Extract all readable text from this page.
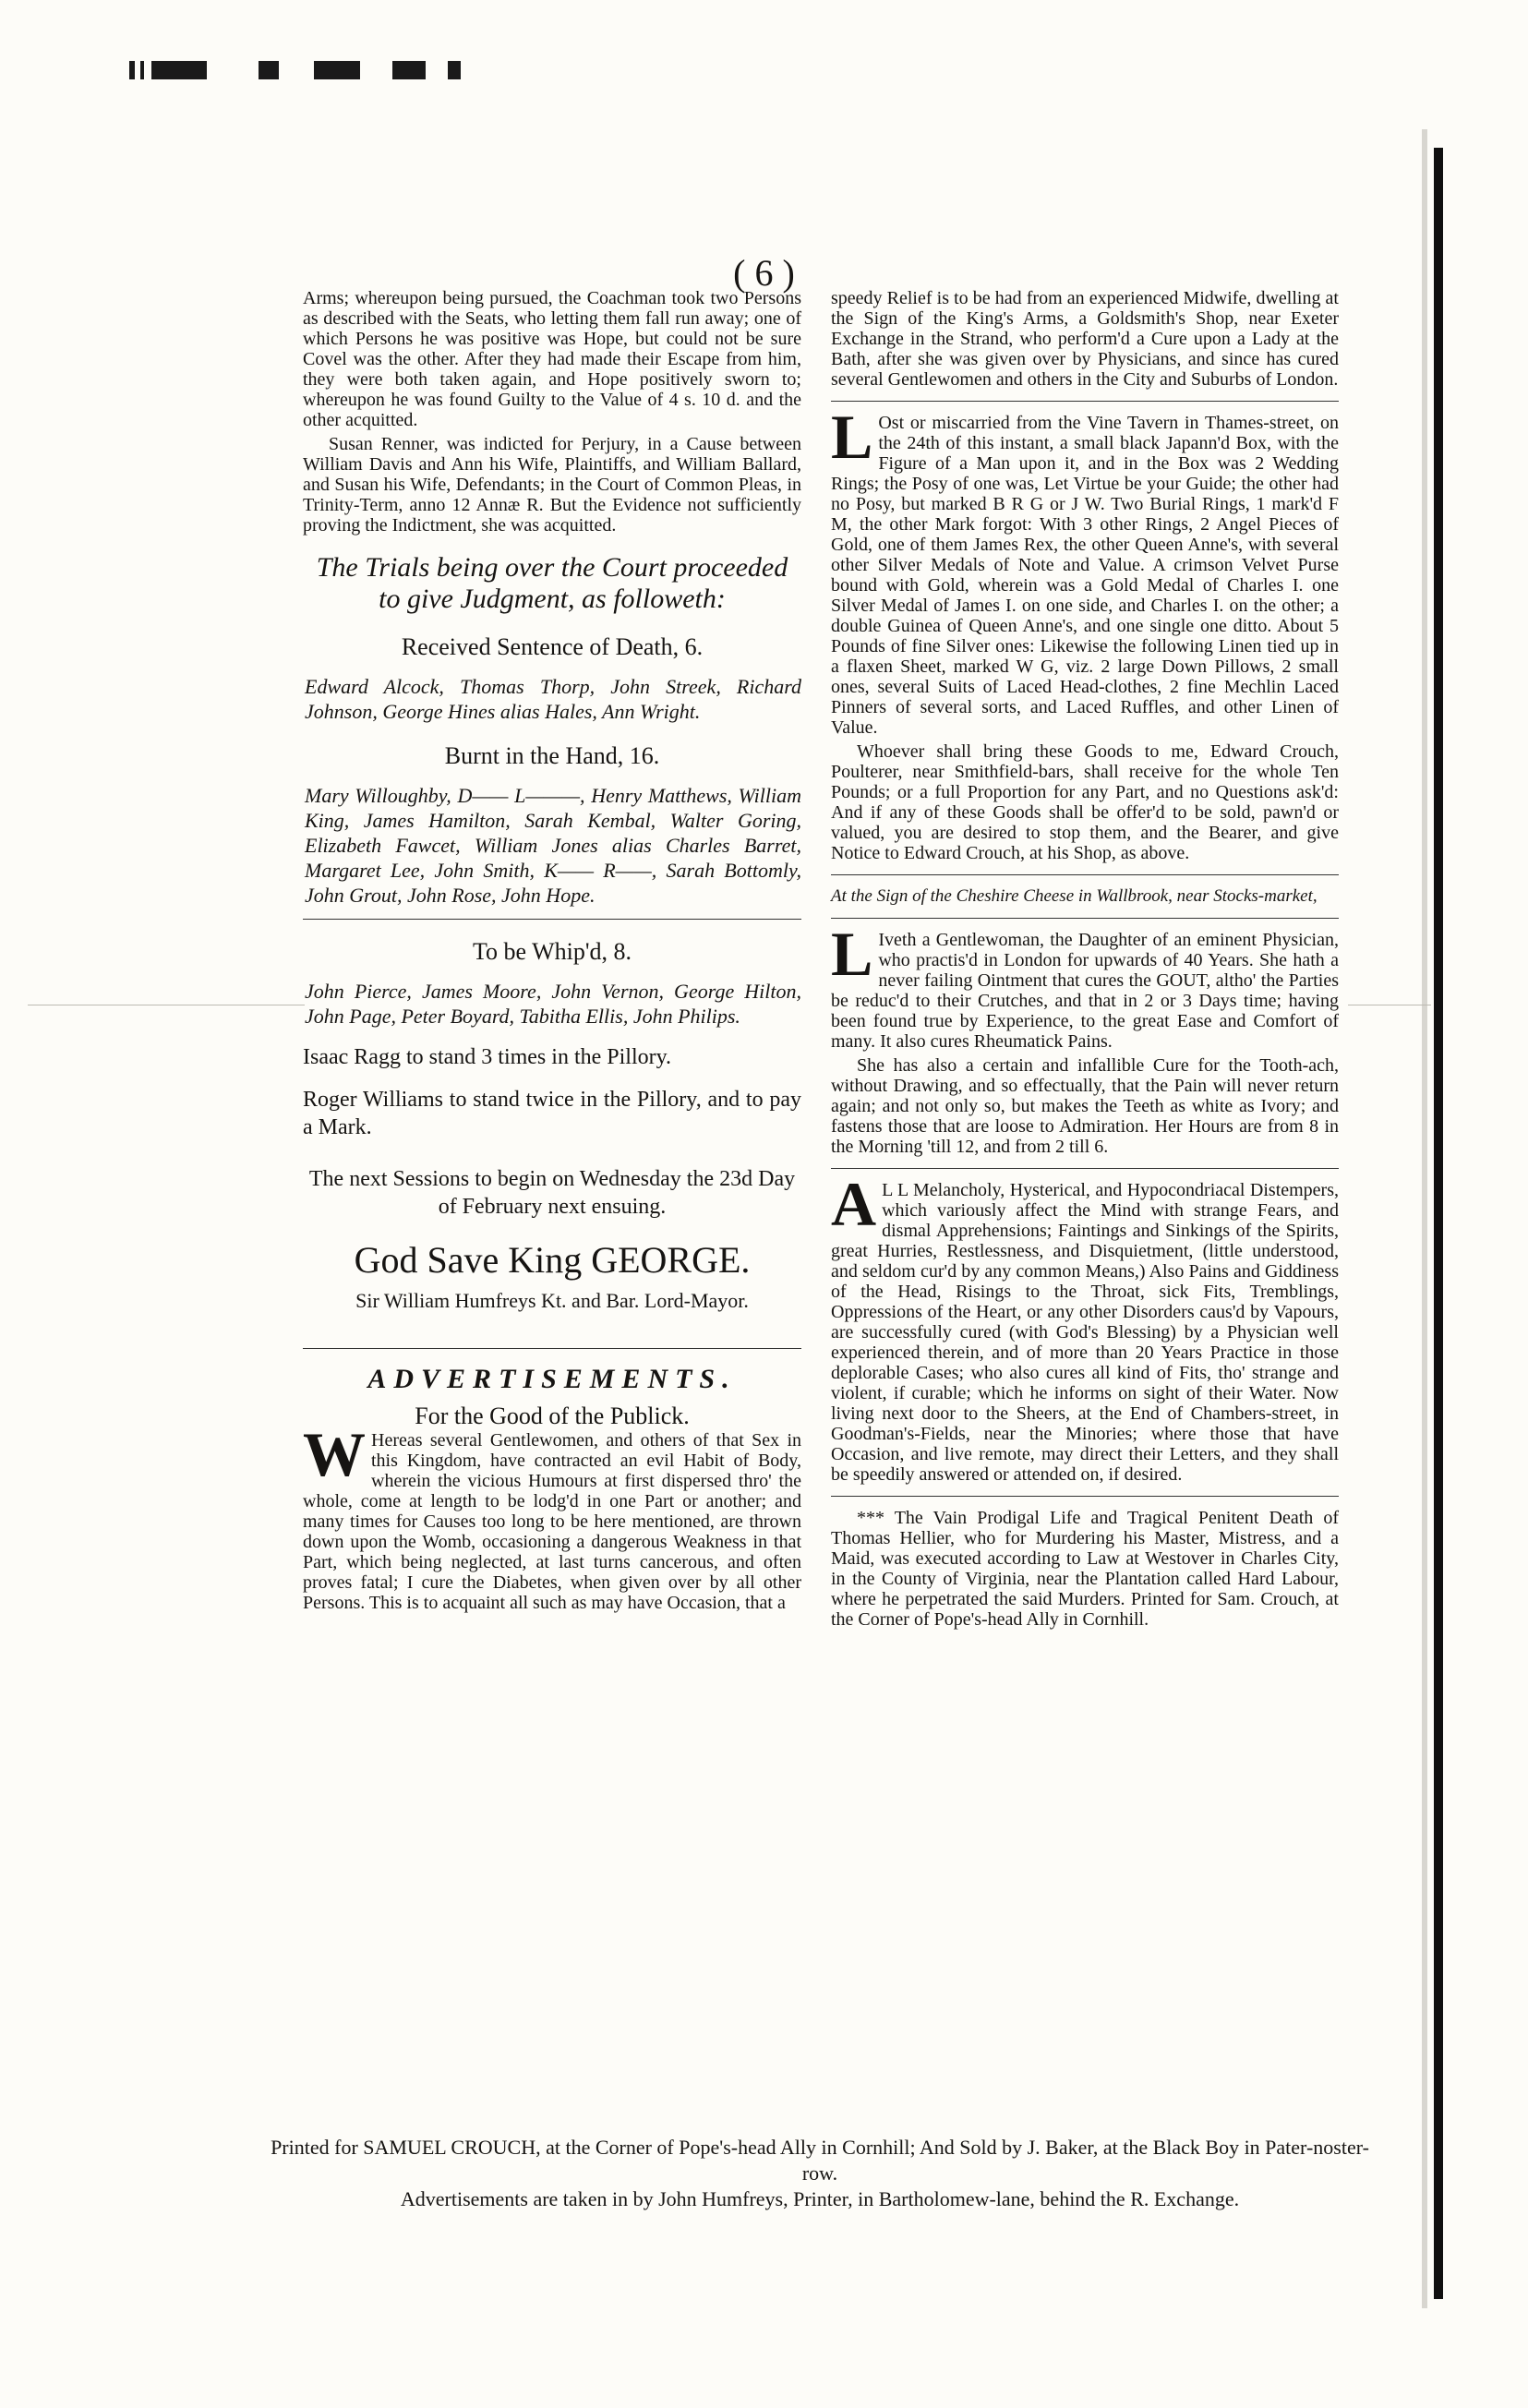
( 6 )

Arms; whereupon being pursued, the Coachman took two Persons as described with the Seats, who letting them fall run away; one of which Persons he was positive was Hope, but could not be sure Covel was the other. After they had made their Escape from him, they were both taken again, and Hope positively sworn to; whereupon he was found Guilty to the Value of 4 s. 10 d. and the other acquitted.

Susan Renner, was indicted for Perjury, in a Cause between William Davis and Ann his Wife, Plaintiffs, and William Ballard, and Susan his Wife, Defendants; in the Court of Common Pleas, in Trinity-Term, anno 12 Annæ R. But the Evidence not sufficiently proving the Indictment, she was acquitted.

The Trials being over the Court proceeded to give Judgment, as followeth:
Received Sentence of Death, 6.
Edward Alcock, Thomas Thorp, John Streek, Richard Johnson, George Hines alias Hales, Ann Wright.
Burnt in the Hand, 16.
Mary Willoughby, D—— L———, Henry Matthews, William King, James Hamilton, Sarah Kembal, Walter Goring, Elizabeth Fawcet, William Jones alias Charles Barret, Margaret Lee, John Smith, K—— R——, Sarah Bottomly, John Grout, John Rose, John Hope.
To be Whip'd, 8.
John Pierce, James Moore, John Vernon, George Hilton, John Page, Peter Boyard, Tabitha Ellis, John Philips.
Isaac Ragg to stand 3 times in the Pillory.
Roger Williams to stand twice in the Pillory, and to pay a Mark.
The next Sessions to begin on Wednesday the 23d Day of February next ensuing.
God Save King GEORGE.
Sir William Humfreys Kt. and Bar. Lord-Mayor.
ADVERTISEMENTS.
For the Good of the Publick.

W Hereas several Gentlewomen, and others of that Sex in this Kingdom, have contracted an evil Habit of Body, wherein the vicious Humours at first dispersed thro' the whole, come at length to be lodg'd in one Part or another; and many times for Causes too long to be here mentioned, are thrown down upon the Womb, occasioning a dangerous Weakness in that Part, which being neglected, at last turns cancerous, and often proves fatal; I cure the Diabetes, when given over by all other Persons. This is to acquaint all such as may have Occasion, that a

speedy Relief is to be had from an experienced Midwife, dwelling at the Sign of the King's Arms, a Goldsmith's Shop, near Exeter Exchange in the Strand, who perform'd a Cure upon a Lady at the Bath, after she was given over by Physicians, and since has cured several Gentlewomen and others in the City and Suburbs of London.

L Ost or miscarried from the Vine Tavern in Thames-street, on the 24th of this instant, a small black Japann'd Box, with the Figure of a Man upon it, and in the Box was 2 Wedding Rings; the Posy of one was, Let Virtue be your Guide; the other had no Posy, but marked B R G or J W. Two Burial Rings, 1 mark'd F M, the other Mark forgot: With 3 other Rings, 2 Angel Pieces of Gold, one of them James Rex, the other Queen Anne's, with several other Silver Medals of Note and Value. A crimson Velvet Purse bound with Gold, wherein was a Gold Medal of Charles I. one Silver Medal of James I. on one side, and Charles I. on the other; a double Guinea of Queen Anne's, and one single one ditto. About 5 Pounds of fine Silver ones: Likewise the following Linen tied up in a flaxen Sheet, marked W G, viz. 2 large Down Pillows, 2 small ones, several Suits of Laced Head-clothes, 2 fine Mechlin Laced Pinners of several sorts, and Laced Ruffles, and other Linen of Value.

Whoever shall bring these Goods to me, Edward Crouch, Poulterer, near Smithfield-bars, shall receive for the whole Ten Pounds; or a full Proportion for any Part, and no Questions ask'd: And if any of these Goods shall be offer'd to be sold, pawn'd or valued, you are desired to stop them, and the Bearer, and give Notice to Edward Crouch, at his Shop, as above.

At the Sign of the Cheshire Cheese in Wallbrook, near Stocks-market,

L Iveth a Gentlewoman, the Daughter of an eminent Physician, who practis'd in London for upwards of 40 Years. She hath a never failing Ointment that cures the GOUT, altho' the Parties be reduc'd to their Crutches, and that in 2 or 3 Days time; having been found true by Experience, to the great Ease and Comfort of many. It also cures Rheumatick Pains.

She has also a certain and infallible Cure for the Tooth-ach, without Drawing, and so effectually, that the Pain will never return again; and not only so, but makes the Teeth as white as Ivory; and fastens those that are loose to Admiration. Her Hours are from 8 in the Morning 'till 12, and from 2 till 6.

A L L Melancholy, Hysterical, and Hypocondriacal Distempers, which variously affect the Mind with strange Fears, and dismal Apprehensions; Faintings and Sinkings of the Spirits, great Hurries, Restlessness, and Disquietment, (little understood, and seldom cur'd by any common Means,) Also Pains and Giddiness of the Head, Risings to the Throat, sick Fits, Tremblings, Oppressions of the Heart, or any other Disorders caus'd by Vapours, are successfully cured (with God's Blessing) by a Physician well experienced therein, and of more than 20 Years Practice in those deplorable Cases; who also cures all kind of Fits, tho' strange and violent, if curable; which he informs on sight of their Water. Now living next door to the Sheers, at the End of Chambers-street, in Goodman's-Fields, near the Minories; where those that have Occasion, and live remote, may direct their Letters, and they shall be speedily answered or attended on, if desired.

*** The Vain Prodigal Life and Tragical Penitent Death of Thomas Hellier, who for Murdering his Master, Mistress, and a Maid, was executed according to Law at Westover in Charles City, in the County of Virginia, near the Plantation called Hard Labour, where he perpetrated the said Murders. Printed for Sam. Crouch, at the Corner of Pope's-head Ally in Cornhill.

Printed for SAMUEL CROUCH, at the Corner of Pope's-head Ally in Cornhill; And Sold by J. Baker, at the Black Boy in Pater-noster-row.

Advertisements are taken in by John Humfreys, Printer, in Bartholomew-lane, behind the R. Exchange.
